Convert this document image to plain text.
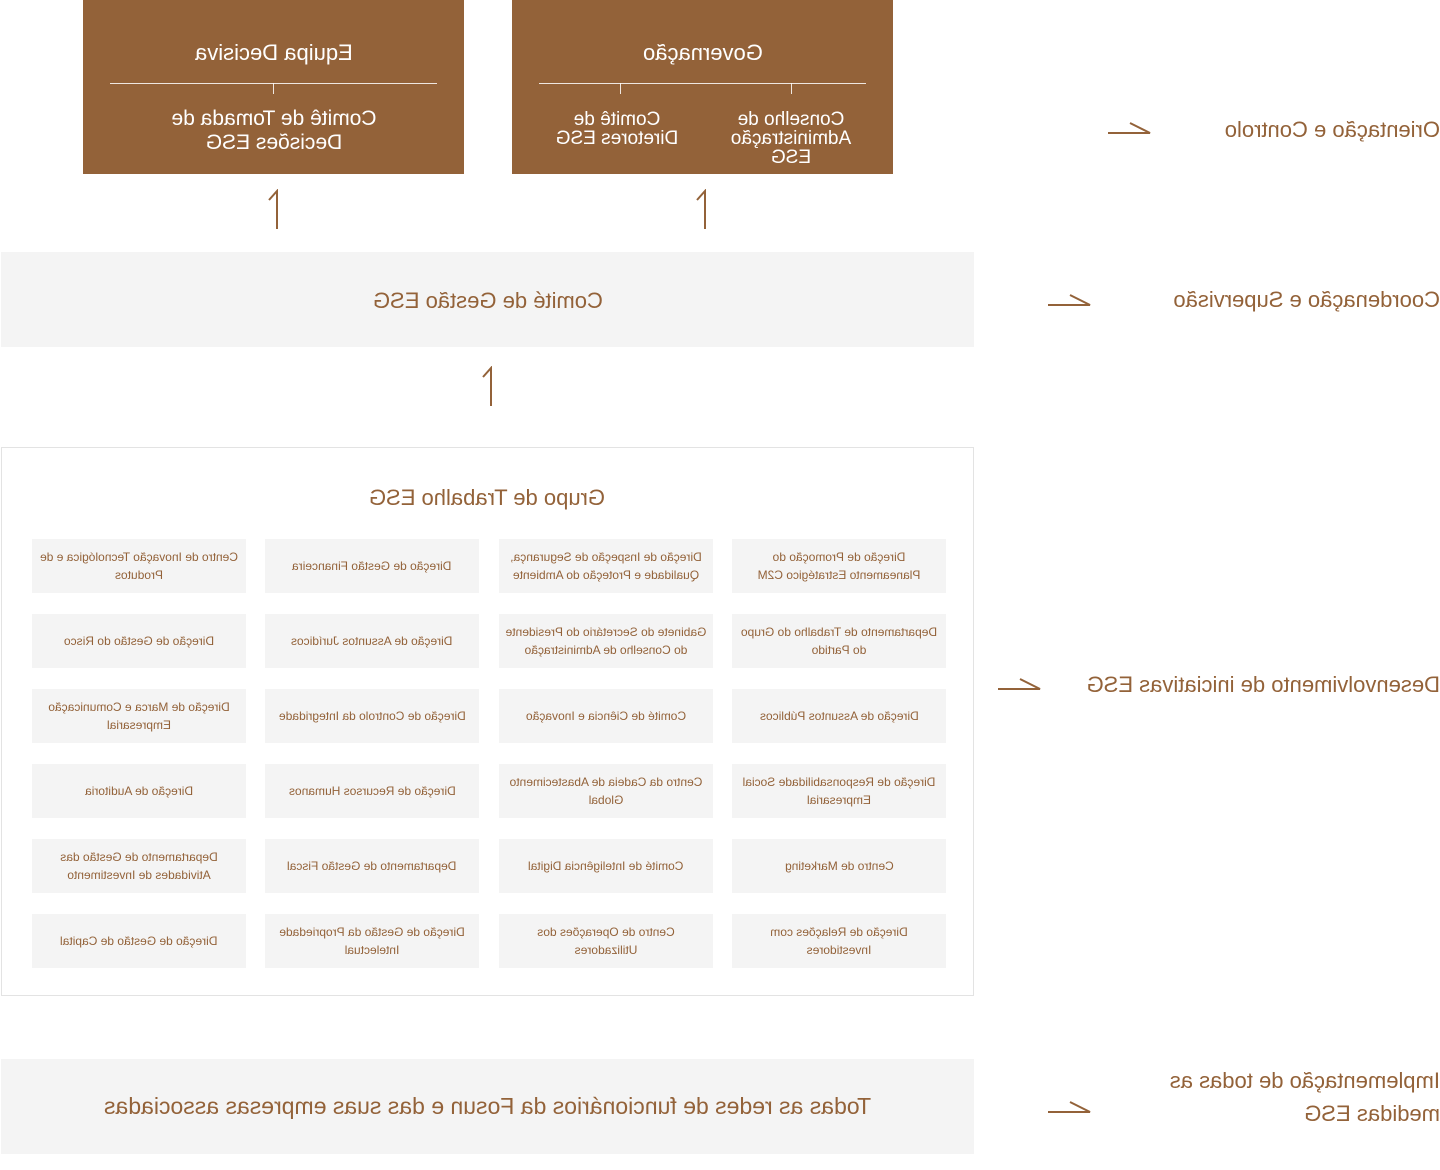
Equipa Decisiva
Comitê de Tomada de Decisões ESG
Governação
Comitê de Diretores ESG
Conselho de Administração ESG
Comité de Gestão ESG
Grupo de Trabalho ESG
Centro de Inovação Tecnológica e de Produtos
Direção de Gestão Financeira
Direção de Inspeção de Segurança, Qualidade e Proteção do Ambiente
Direção de Promoção do Planeamento Estratégico C2M
Direção de Gestão do Risco	Direção de Assuntos Jurídicos
Gabinete do Secretário do Presidente do Conselho de Administração
Departamento de Trabalho do Grupo do Partido
Direção de Marca e Comunicação Empresarial
Direção de Controlo da Integridade	Comité de Ciência e Inovação	Direção de Assuntos Públicos
Direção de Auditoria	Direção de Recursos Humanos
Centro da Cadeia de Abastecimento Global
Direção de Responsabilidade Social Empresarial
Departamento de Gestão das Atividades de Investimento
Departamento de Gestão Fiscal	Comité de Inteligência Digital	Centro de Marketing
Direção de Gestão de Capital
Direção de Gestão da Propriedade Intelectual
Centro de Operações dos Utilizadores
Direção de Relações com Investidores
Todas as redes de funcionários da Fosun e das suas empresas associadas
Orientação e Controlo
Coordenação e Supervisão
Desenvolvimento de iniciativas ESG
Implementação de todas as medidas ESG
